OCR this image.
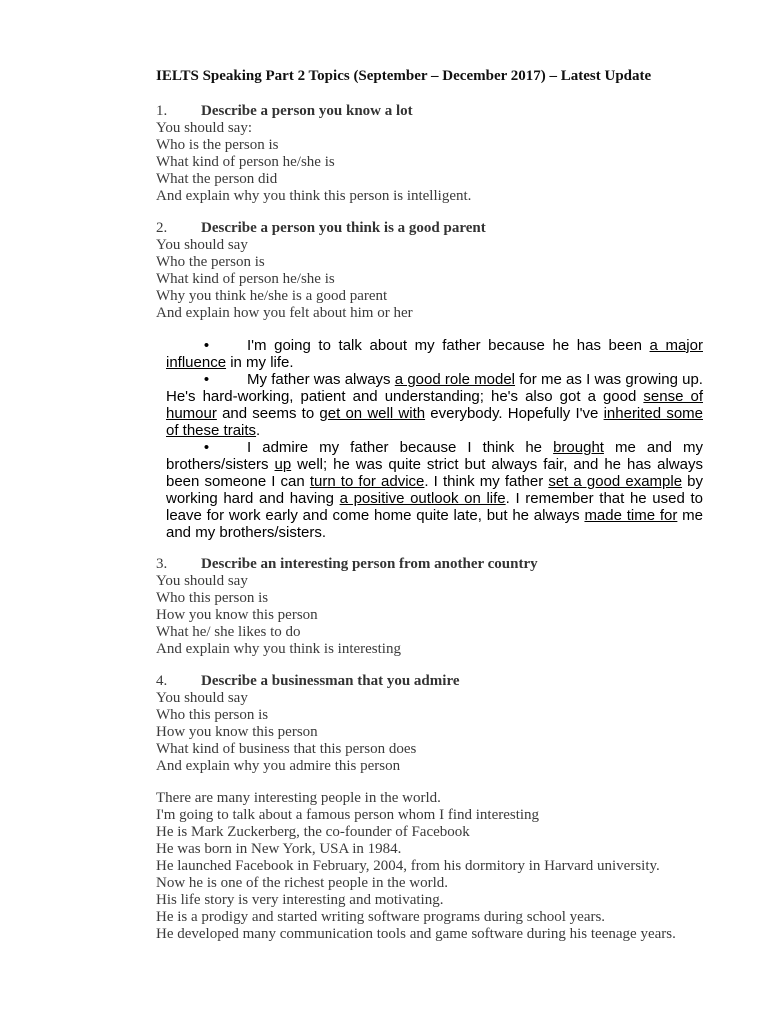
IELTS Speaking Part 2 Topics (September – December 2017) – Latest Update
1. Describe a person you know a lot
You should say:
Who is the person is
What kind of person he/she is
What the person did
And explain why you think this person is intelligent.
2. Describe a person you think is a good parent
You should say
Who the person is
What kind of person he/she is
Why you think he/she is a good parent
And explain how you felt about him or her

•	I'm going to talk about my father because he has been a major influence in my life.

•	My father was always a good role model for me as I was growing up. He's hard-working, patient and understanding; he's also got a good sense of humour and seems to get on well with everybody. Hopefully I've inherited some of these traits.

•	I admire my father because I think he brought me and my brothers/sisters up well; he was quite strict but always fair, and he has always been someone I can turn to for advice. I think my father set a good example by working hard and having a positive outlook on life. I remember that he used to leave for work early and come home quite late, but he always made time for me and my brothers/sisters.

3. Describe an interesting person from another country
You should say
Who this person is
How you know this person
What he/ she likes to do
And explain why you think is interesting
4. Describe a businessman that you admire
You should say
Who this person is
How you know this person
What kind of business that this person does
And explain why you admire this person
There are many interesting people in the world.
I'm going to talk about a famous person whom I find interesting
He is Mark Zuckerberg, the co-founder of Facebook
He was born in New York, USA in 1984.
He launched Facebook in February, 2004, from his dormitory in Harvard university.
Now he is one of the richest people in the world.
His life story is very interesting and motivating.
He is a prodigy and started writing software programs during school years.
He developed many communication tools and game software during his teenage years.
